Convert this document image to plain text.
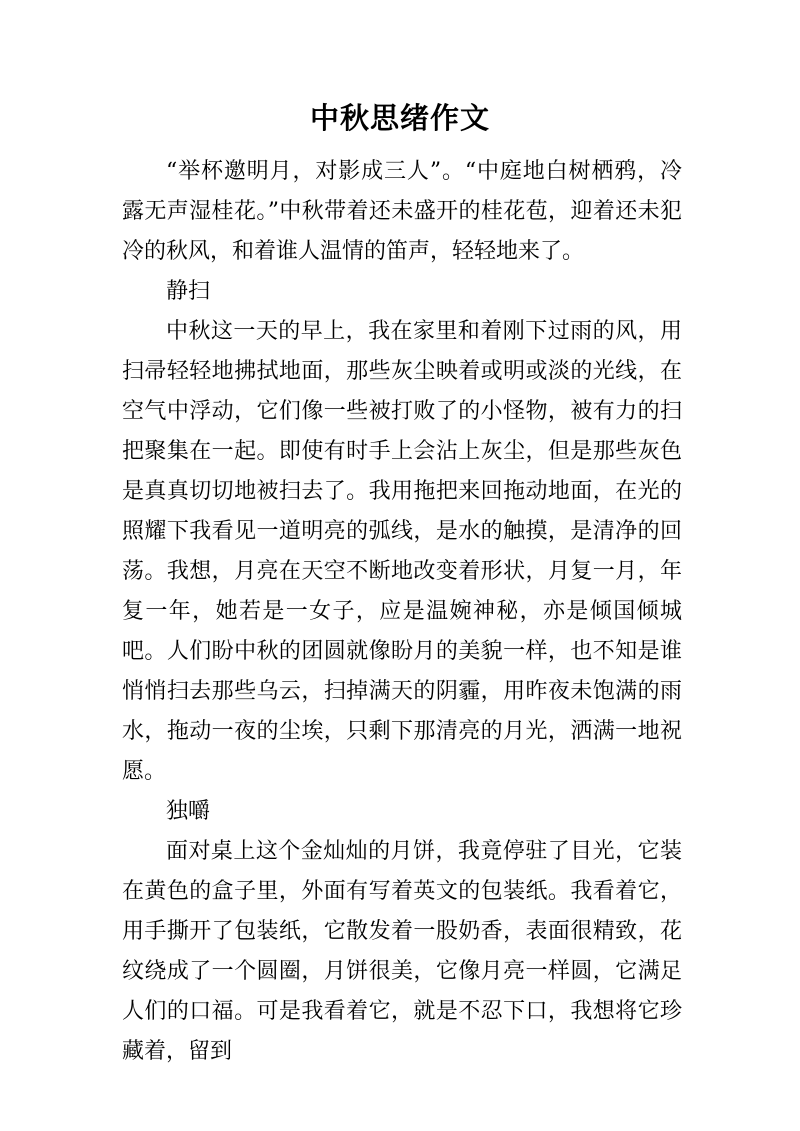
中秋思绪作文

“举杯邀明月，对影成三人”。“中庭地白树栖鸦，冷露无声湿桂花。”中秋带着还未盛开的桂花苞，迎着还未犯冷的秋风，和着谁人温情的笛声，轻轻地来了。

静扫

中秋这一天的早上，我在家里和着刚下过雨的风，用扫帚轻轻地拂拭地面，那些灰尘映着或明或淡的光线，在空气中浮动，它们像一些被打败了的小怪物，被有力的扫把聚集在一起。即使有时手上会沾上灰尘，但是那些灰色是真真切切地被扫去了。我用拖把来回拖动地面，在光的照耀下我看见一道明亮的弧线，是水的触摸，是清净的回荡。我想，月亮在天空不断地改变着形状，月复一月，年复一年，她若是一女子，应是温婉神秘，亦是倾国倾城吧。人们盼中秋的团圆就像盼月的美貌一样，也不知是谁悄悄扫去那些乌云，扫掉满天的阴霾，用昨夜未饱满的雨水，拖动一夜的尘埃，只剩下那清亮的月光，洒满一地祝愿。

独嚼

面对桌上这个金灿灿的月饼，我竟停驻了目光，它装在黄色的盒子里，外面有写着英文的包装纸。我看着它，用手撕开了包装纸，它散发着一股奶香，表面很精致，花纹绕成了一个圆圈，月饼很美，它像月亮一样圆，它满足人们的口福。可是我看着它，就是不忍下口，我想将它珍藏着，留到
